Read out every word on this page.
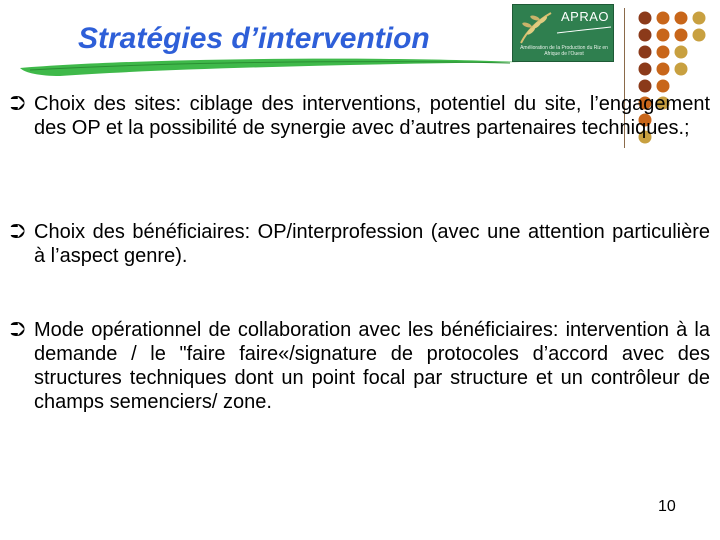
Stratégies d’intervention
APRAO
Amélioration de la Production du Riz en Afrique de l'Ouest
⮊ Choix des sites: ciblage des interventions, potentiel du site, l’engagement des OP et la possibilité de synergie avec d’autres partenaires techniques.;
⮊ Choix des bénéficiaires: OP/interprofession (avec une attention particulière à l’aspect genre).
⮊ Mode opérationnel de collaboration avec les bénéficiaires: intervention à la demande / le "faire faire«/signature de protocoles d’accord avec des structures techniques dont un point focal par structure et un contrôleur de champs semenciers/ zone.
10
